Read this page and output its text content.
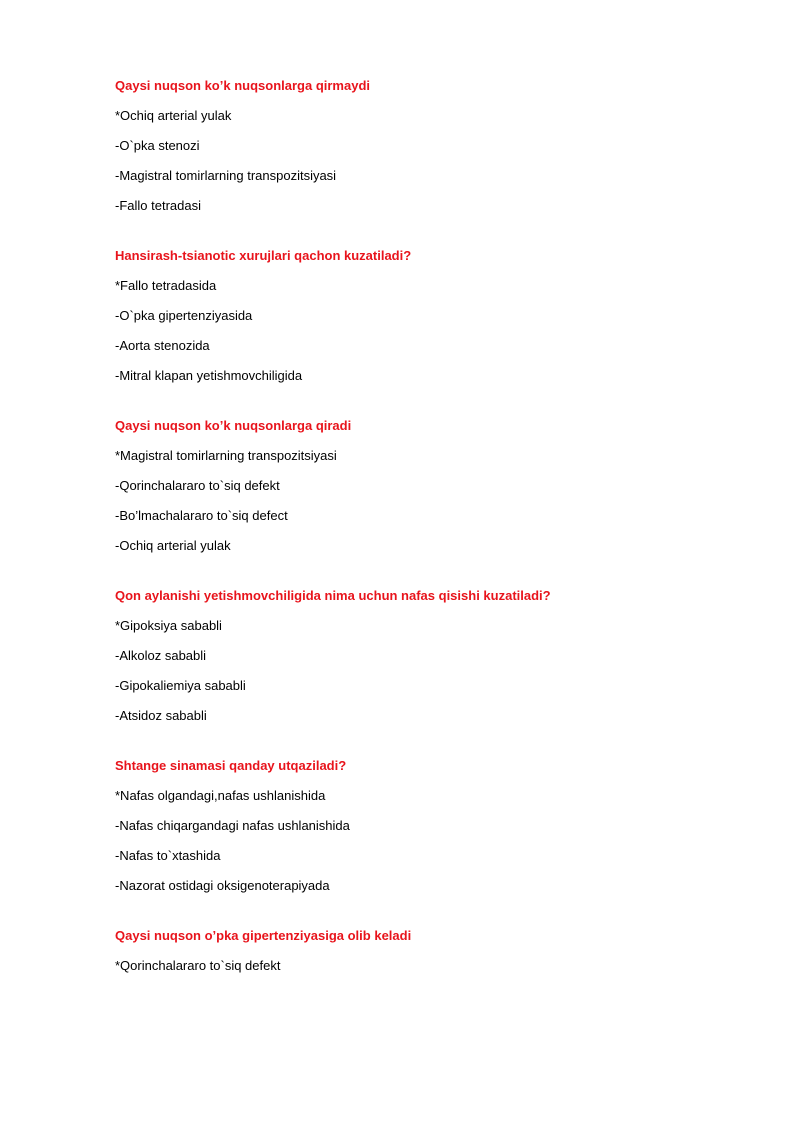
Qaysi nuqson ko’k nuqsonlarga qirmaydi
*Ochiq arterial yulak
-O`pka stenozi
-Magistral tomirlarning transpozitsiyasi
-Fallo tetradasi
Hansirash-tsianotic xurujlari qachon kuzatiladi?
*Fallo tetradasida
-O`pka gipertenziyasida
-Aorta stenozida
-Mitral klapan yetishmovchiligida
Qaysi nuqson ko’k nuqsonlarga qiradi
*Magistral tomirlarning transpozitsiyasi
-Qorinchalararo to`siq defekt
-Bo’lmachalararo to`siq defect
-Ochiq arterial yulak
Qon aylanishi yetishmovchiligida nima uchun nafas qisishi kuzatiladi?
*Gipoksiya sababli
-Alkoloz sababli
-Gipokaliemiya sababli
-Atsidoz sababli
Shtange sinamasi qanday utqaziladi?
*Nafas olgandagi,nafas ushlanishida
-Nafas chiqargandagi nafas ushlanishida
-Nafas to`xtashida
-Nazorat ostidagi oksigenoterapiyada
Qaysi nuqson o’pka gipertenziyasiga olib keladi
*Qorinchalararo to`siq defekt
